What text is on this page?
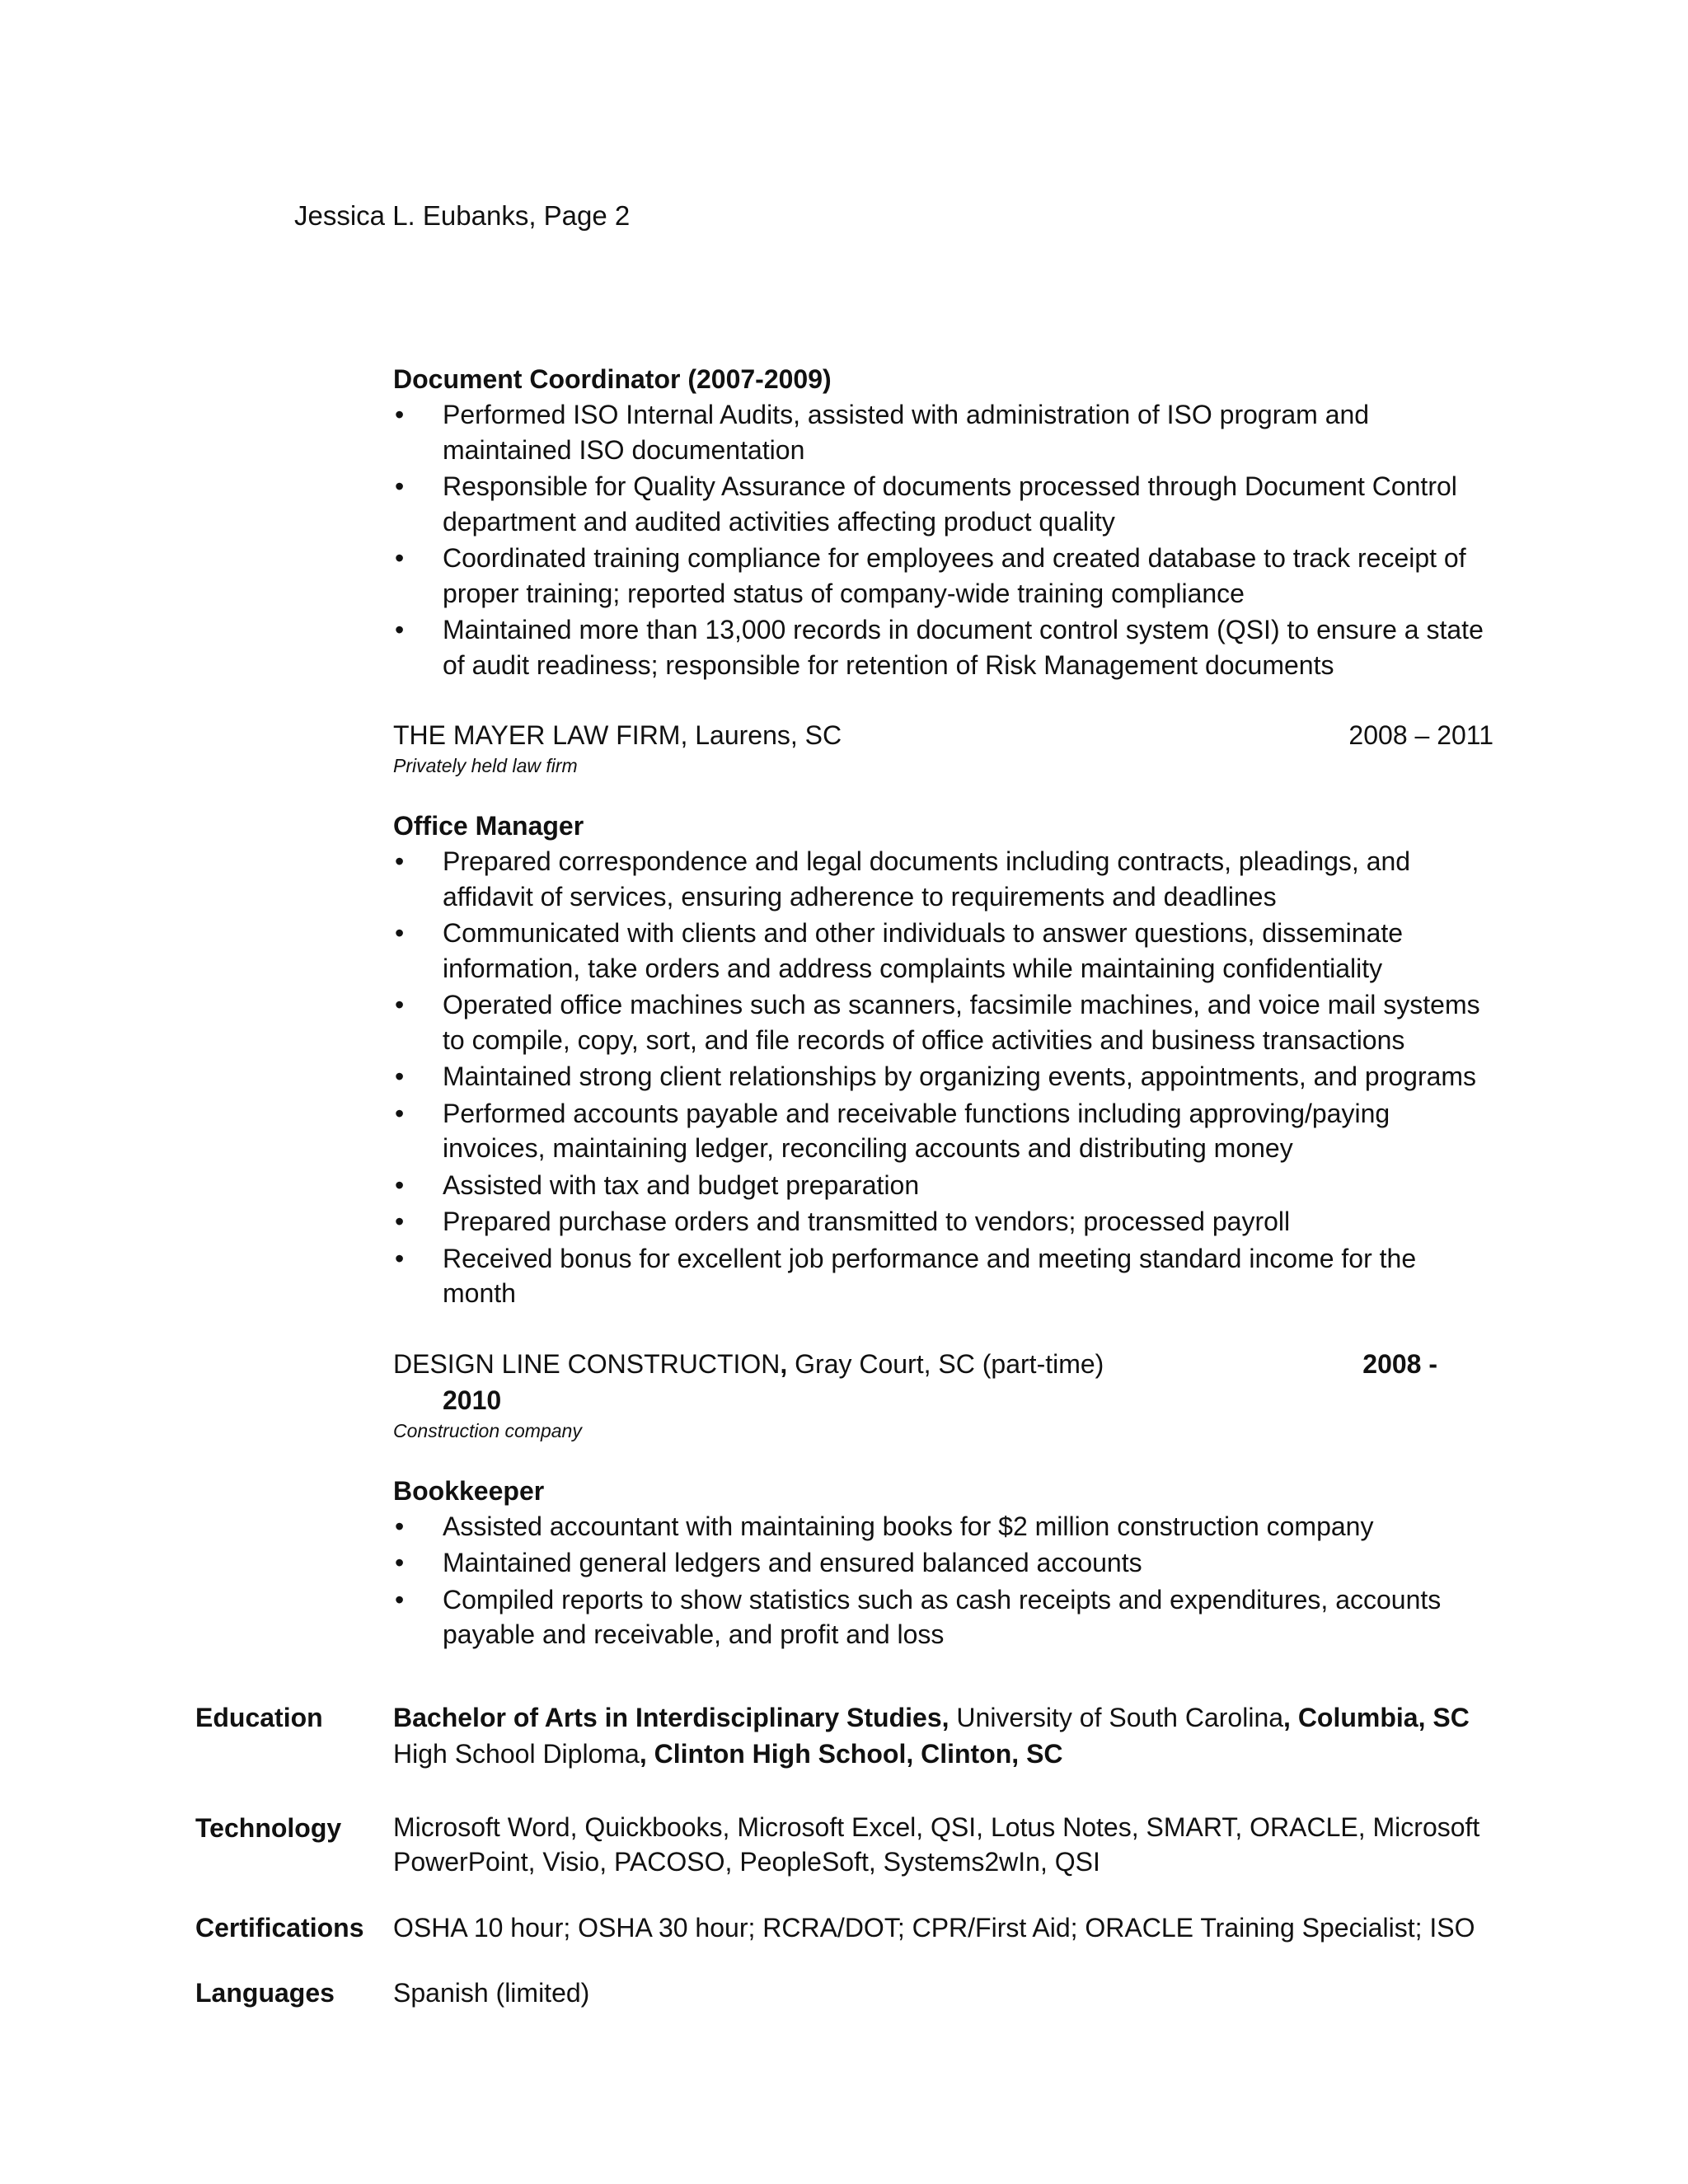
Jessica L. Eubanks, Page 2

Document Coordinator (2007-2009)

•	Performed ISO Internal Audits, assisted with administration of ISO program and maintained ISO documentation
•	Responsible for Quality Assurance of documents processed through Document Control department and audited activities affecting product quality
•	Coordinated training compliance for employees and created database to track receipt of proper training; reported status of company-wide training compliance
•	Maintained more than 13,000 records in document control system (QSI) to ensure a state of audit readiness; responsible for retention of Risk Management documents
THE MAYER LAW FIRM, Laurens, SC	2008 – 2011
Privately held law firm

Office Manager

•	Prepared correspondence and legal documents including contracts, pleadings, and affidavit of services, ensuring adherence to requirements and deadlines
•	Communicated with clients and other individuals to answer questions, disseminate information, take orders and address complaints while maintaining confidentiality
•	Operated office machines such as scanners, facsimile machines, and voice mail systems to compile, copy, sort, and file records of office activities and business transactions
•	Maintained strong client relationships by organizing events, appointments, and programs
•	Performed accounts payable and receivable functions including approving/paying invoices, maintaining ledger, reconciling accounts and distributing money
•	Assisted with tax and budget preparation
•	Prepared purchase orders and transmitted to vendors; processed payroll
•	Received bonus for excellent job performance and meeting standard income for the month
DESIGN LINE CONSTRUCTION, Gray Court, SC (part-time)	2008 -
2010
Construction company

Bookkeeper

•	Assisted accountant with maintaining books for $2 million construction company
•	Maintained general ledgers and ensured balanced accounts
•	Compiled reports to show statistics such as cash receipts and expenditures, accounts payable and receivable, and profit and loss
Education	Bachelor of Arts in Interdisciplinary Studies, University of South Carolina, Columbia, SC
High School Diploma, Clinton High School, Clinton, SC
Technology	Microsoft Word, Quickbooks, Microsoft Excel, QSI, Lotus Notes, SMART, ORACLE, Microsoft PowerPoint, Visio, PACOSO, PeopleSoft, Systems2wIn, QSI
Certifications	OSHA 10 hour; OSHA 30 hour; RCRA/DOT; CPR/First Aid; ORACLE Training Specialist; ISO
Languages	Spanish (limited)
